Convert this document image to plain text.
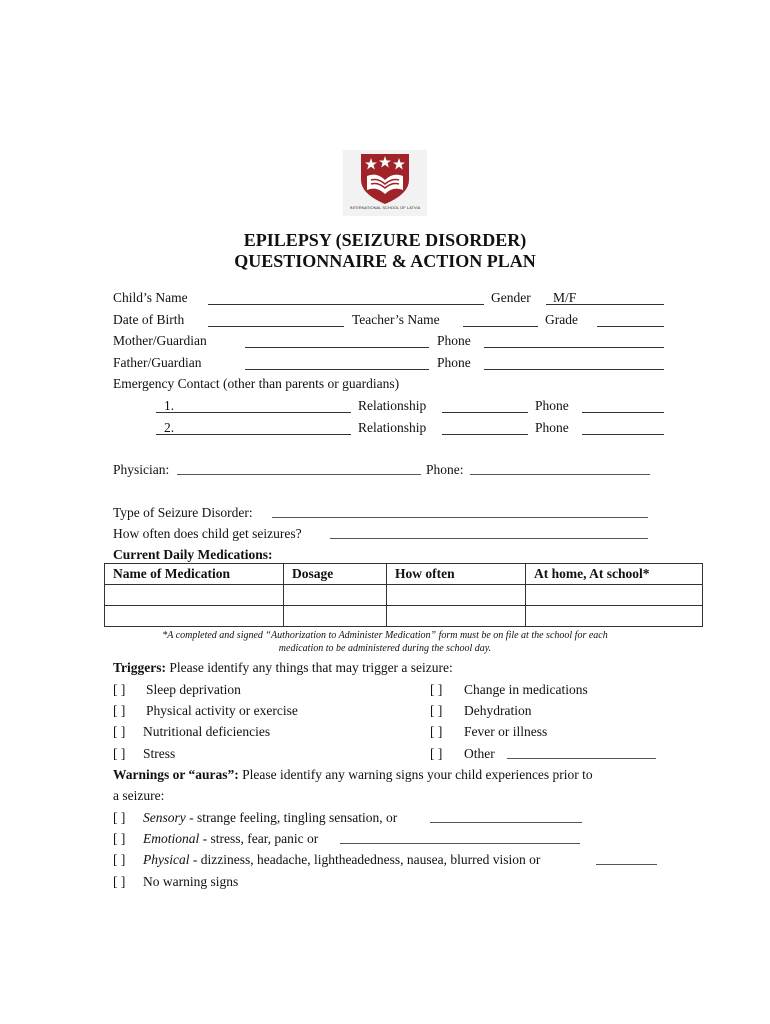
INTERNATIONAL SCHOOL OF LATVIA
EPILEPSY (SEIZURE DISORDER)
QUESTIONNAIRE & ACTION PLAN
Child’s Name	Gender M/F
Date of Birth	Teacher’s Name	Grade
Mother/Guardian	Phone
Father/Guardian	Phone
Emergency Contact (other than parents or guardians)
1.	Relationship	Phone
2.	Relationship	Phone
Physician:	Phone:
Type of Seizure Disorder:
How often does child get seizures?
Current Daily Medications:
Name of Medication	Dosage	How often	At home, At school*

*A completed and signed “Authorization to Administer Medication” form must be on file at the school for each
medication to be administered during the school day.
Triggers: Please identify any things that may trigger a seizure:
[ ] Sleep deprivation
[ ] Physical activity or exercise
[ ] Nutritional deficiencies
[ ] Stress
[ ] Change in medications
[ ] Dehydration
[ ] Fever or illness
[ ] Other
Warnings or “auras”: Please identify any warning signs your child experiences prior to
a seizure:
[ ] Sensory - strange feeling, tingling sensation, or
[ ] Emotional - stress, fear, panic or
[ ] Physical - dizziness, headache, lightheadedness, nausea, blurred vision or
[ ] No warning signs
